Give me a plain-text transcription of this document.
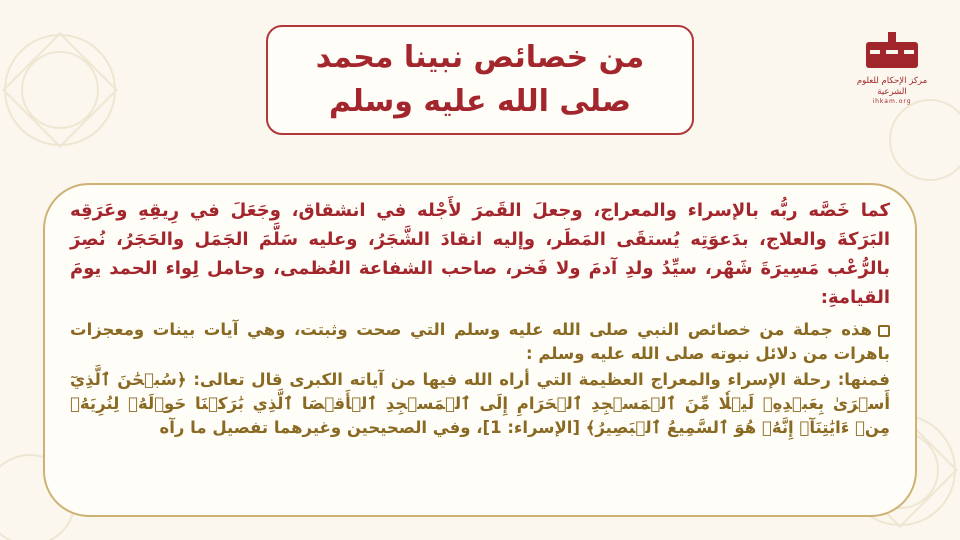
مركز الإحكام للعلوم الشرعية
ihkam.org
من خصائص نبينا محمد صلى الله عليه وسلم

كما خَصَّه ربُّه بالإسراء والمعراج، وجعلَ القَمرَ لأَجْله في انشقاق، وجَعَلَ في رِيقِهِ وعَرَقِه البَرَكةَ والعلاج، بدَعوَتِه يُستقَى المَطَر، وإليه انقادَ الشَّجَرُ، وعليه سَلَّمَ الجَمَل والحَجَرُ، نُصِرَ بالرُّعْب مَسِيرَةَ شَهْر، سيِّدُ ولدِ آدمَ ولا فَخر، صاحب الشفاعة العُظمى، وحامل لِواء الحمد يومَ القيامةِ:

هذه جملة من خصائص النبي صلى الله عليه وسلم التي صحت وثبتت، وهي آيات بينات ومعجزات باهرات من دلائل نبوته صلى الله عليه وسلم :

فمنها: رحلة الإسراء والمعراج العظيمة التي أراه الله فيها من آياته الكبرى قال تعالى: ﴿سُبۡحَٰنَ ٱلَّذِيٓ أَسۡرَىٰ بِعَبۡدِهِۦ لَيۡلٗا مِّنَ ٱلۡمَسۡجِدِ ٱلۡحَرَامِ إِلَى ٱلۡمَسۡجِدِ ٱلۡأَقۡصَا ٱلَّذِي بَٰرَكۡنَا حَوۡلَهُۥ لِنُرِيَهُۥ مِنۡ ءَايَٰتِنَآۚ إِنَّهُۥ هُوَ ٱلسَّمِيعُ ٱلۡبَصِيرُ﴾ [الإسراء: 1]، وفي الصحيحين وغيرهما تفصيل ما رآه
